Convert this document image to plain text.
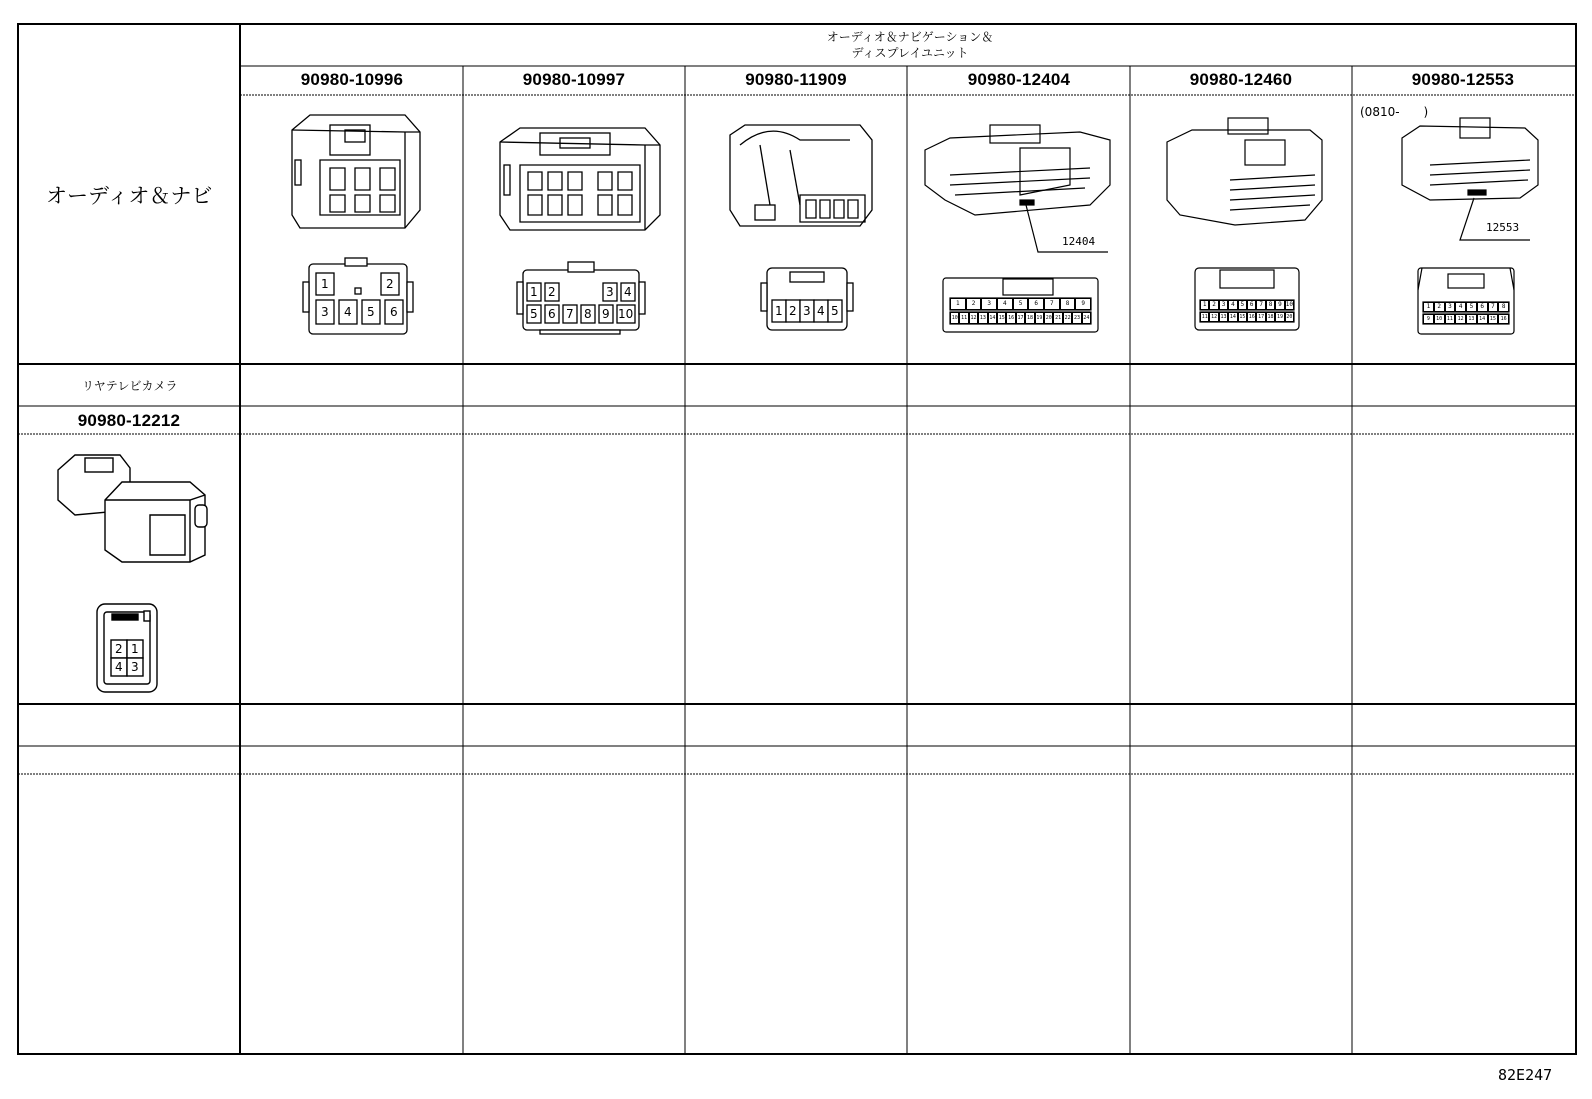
オーディオ＆ナビ
オーディオ＆ナビゲーション＆
ディスプレイユニット
90980-10996	90980-10997	90980-11909	90980-12404	90980-12460	90980-12553
(0810-　　)
12404
12553
1	2
3 4 5 6
1 2	3 4
5 6 7 8 9 10	1 2 3 4 5
1	2	3	4	5	6	7	8	9
10 11 12 13 14 15 16 17 18 19 20 21 22 23 24
1 2 3 4 5 6 7 8 9 10
11 12 13 14 15 16 17 18 19 20
1	2	3	4	5	6	7	8
9	10 11 12 13 14 15 16
リヤテレビカメラ
90980-12212
2 1
4 3
82E247
